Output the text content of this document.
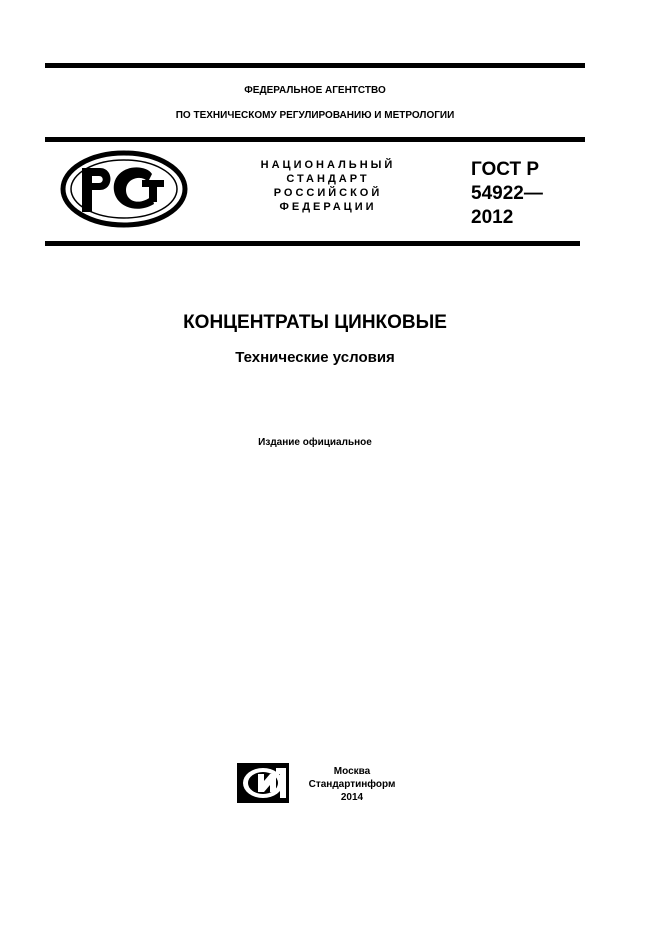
ФЕДЕРАЛЬНОЕ АГЕНТСТВО
ПО ТЕХНИЧЕСКОМУ РЕГУЛИРОВАНИЮ И МЕТРОЛОГИИ
НАЦИОНАЛЬНЫЙ
СТАНДАРТ
РОССИЙСКОЙ
ФЕДЕРАЦИИ
ГОСТ Р
54922—
2012
КОНЦЕНТРАТЫ ЦИНКОВЫЕ
Технические условия
Издание официальное
Москва
Стандартинформ
2014
